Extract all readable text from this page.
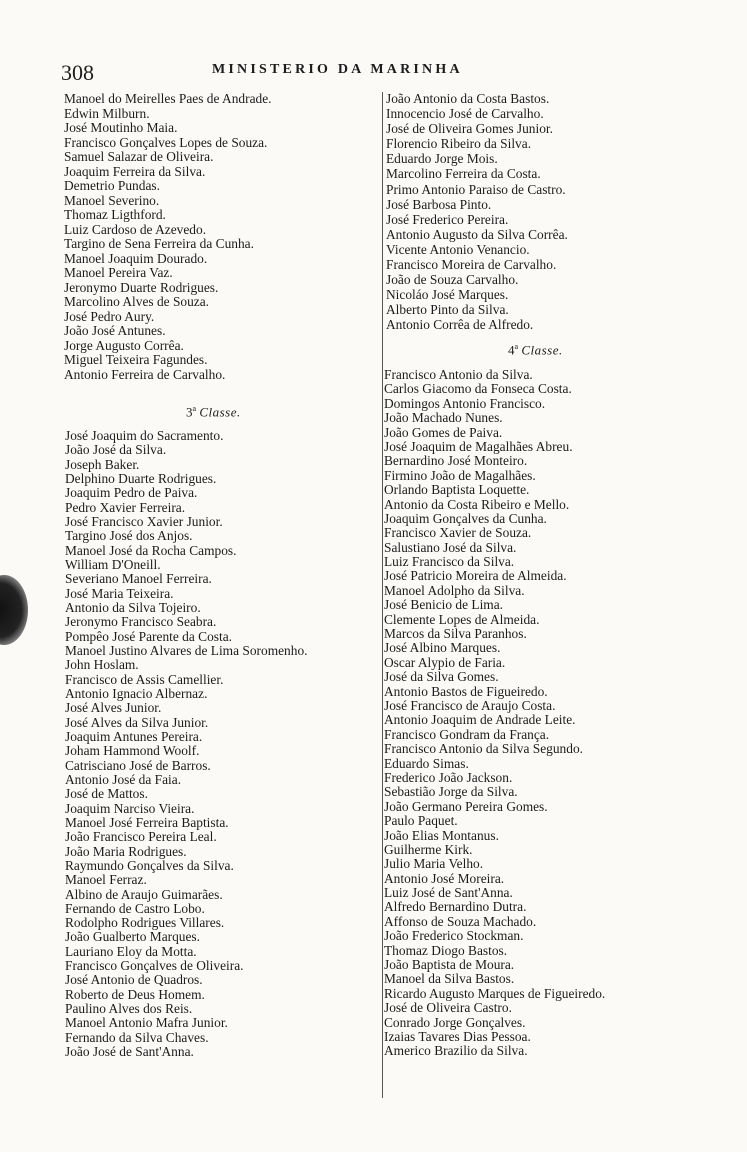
308	MINISTERIO DA MARINHA
Manoel do Meirelles Paes de Andrade.
Edwin Milburn.
José Moutinho Maia.
Francisco Gonçalves Lopes de Souza.
Samuel Salazar de Oliveira.
Joaquim Ferreira da Silva.
Demetrio Pundas.
Manoel Severino.
Thomaz Ligthford.
Luiz Cardoso de Azevedo.
Targino de Sena Ferreira da Cunha.
Manoel Joaquim Dourado.
Manoel Pereira Vaz.
Jeronymo Duarte Rodrigues.
Marcolino Alves de Souza.
José Pedro Aury.
João José Antunes.
Jorge Augusto Corrêa.
Miguel Teixeira Fagundes.
Antonio Ferreira de Carvalho.
3$^a$ Classe.
José Joaquim do Sacramento.
João José da Silva.
Joseph Baker.
Delphino Duarte Rodrigues.
Joaquim Pedro de Paiva.
Pedro Xavier Ferreira.
José Francisco Xavier Junior.
Targino José dos Anjos.
Manoel José da Rocha Campos.
William D'Oneill.
Severiano Manoel Ferreira.
José Maria Teixeira.
Antonio da Silva Tojeiro.
Jeronymo Francisco Seabra.
Pompêo José Parente da Costa.
Manoel Justino Alvares de Lima Soromenho.
John Hoslam.
Francisco de Assis Camellier.
Antonio Ignacio Albernaz.
José Alves Junior.
José Alves da Silva Junior.
Joaquim Antunes Pereira.
Joham Hammond Woolf.
Catrisciano José de Barros.
Antonio José da Faia.
José de Mattos.
Joaquim Narciso Vieira.
Manoel José Ferreira Baptista.
João Francisco Pereira Leal.
João Maria Rodrigues.
Raymundo Gonçalves da Silva.
Manoel Ferraz.
Albino de Araujo Guimarães.
Fernando de Castro Lobo.
Rodolpho Rodrigues Villares.
João Gualberto Marques.
Lauriano Eloy da Motta.
Francisco Gonçalves de Oliveira.
José Antonio de Quadros.
Roberto de Deus Homem.
Paulino Alves dos Reis.
Manoel Antonio Mafra Junior.
Fernando da Silva Chaves.
João José de Sant'Anna.
João Antonio da Costa Bastos.
Innocencio José de Carvalho.
José de Oliveira Gomes Junior.
Florencio Ribeiro da Silva.
Eduardo Jorge Mois.
Marcolino Ferreira da Costa.
Primo Antonio Paraiso de Castro.
José Barbosa Pinto.
José Frederico Pereira.
Antonio Augusto da Silva Corrêa.
Vicente Antonio Venancio.
Francisco Moreira de Carvalho.
João de Souza Carvalho.
Nicoláo José Marques.
Alberto Pinto da Silva.
Antonio Corrêa de Alfredo.
4$^a$ Classe.
Francisco Antonio da Silva.
Carlos Giacomo da Fonseca Costa.
Domingos Antonio Francisco.
João Machado Nunes.
João Gomes de Paiva.
José Joaquim de Magalhães Abreu.
Bernardino José Monteiro.
Firmino João de Magalhães.
Orlando Baptista Loquette.
Antonio da Costa Ribeiro e Mello.
Joaquim Gonçalves da Cunha.
Francisco Xavier de Souza.
Salustiano José da Silva.
Luiz Francisco da Silva.
José Patricio Moreira de Almeida.
Manoel Adolpho da Silva.
José Benicio de Lima.
Clemente Lopes de Almeida.
Marcos da Silva Paranhos.
José Albino Marques.
Oscar Alypio de Faria.
José da Silva Gomes.
Antonio Bastos de Figueiredo.
José Francisco de Araujo Costa.
Antonio Joaquim de Andrade Leite.
Francisco Gondram da França.
Francisco Antonio da Silva Segundo.
Eduardo Simas.
Frederico João Jackson.
Sebastião Jorge da Silva.
João Germano Pereira Gomes.
Paulo Paquet.
João Elias Montanus.
Guilherme Kirk.
Julio Maria Velho.
Antonio José Moreira.
Luiz José de Sant'Anna.
Alfredo Bernardino Dutra.
Affonso de Souza Machado.
João Frederico Stockman.
Thomaz Diogo Bastos.
João Baptista de Moura.
Manoel da Silva Bastos.
Ricardo Augusto Marques de Figueiredo.
José de Oliveira Castro.
Conrado Jorge Gonçalves.
Izaias Tavares Dias Pessoa.
Americo Brazilio da Silva.
